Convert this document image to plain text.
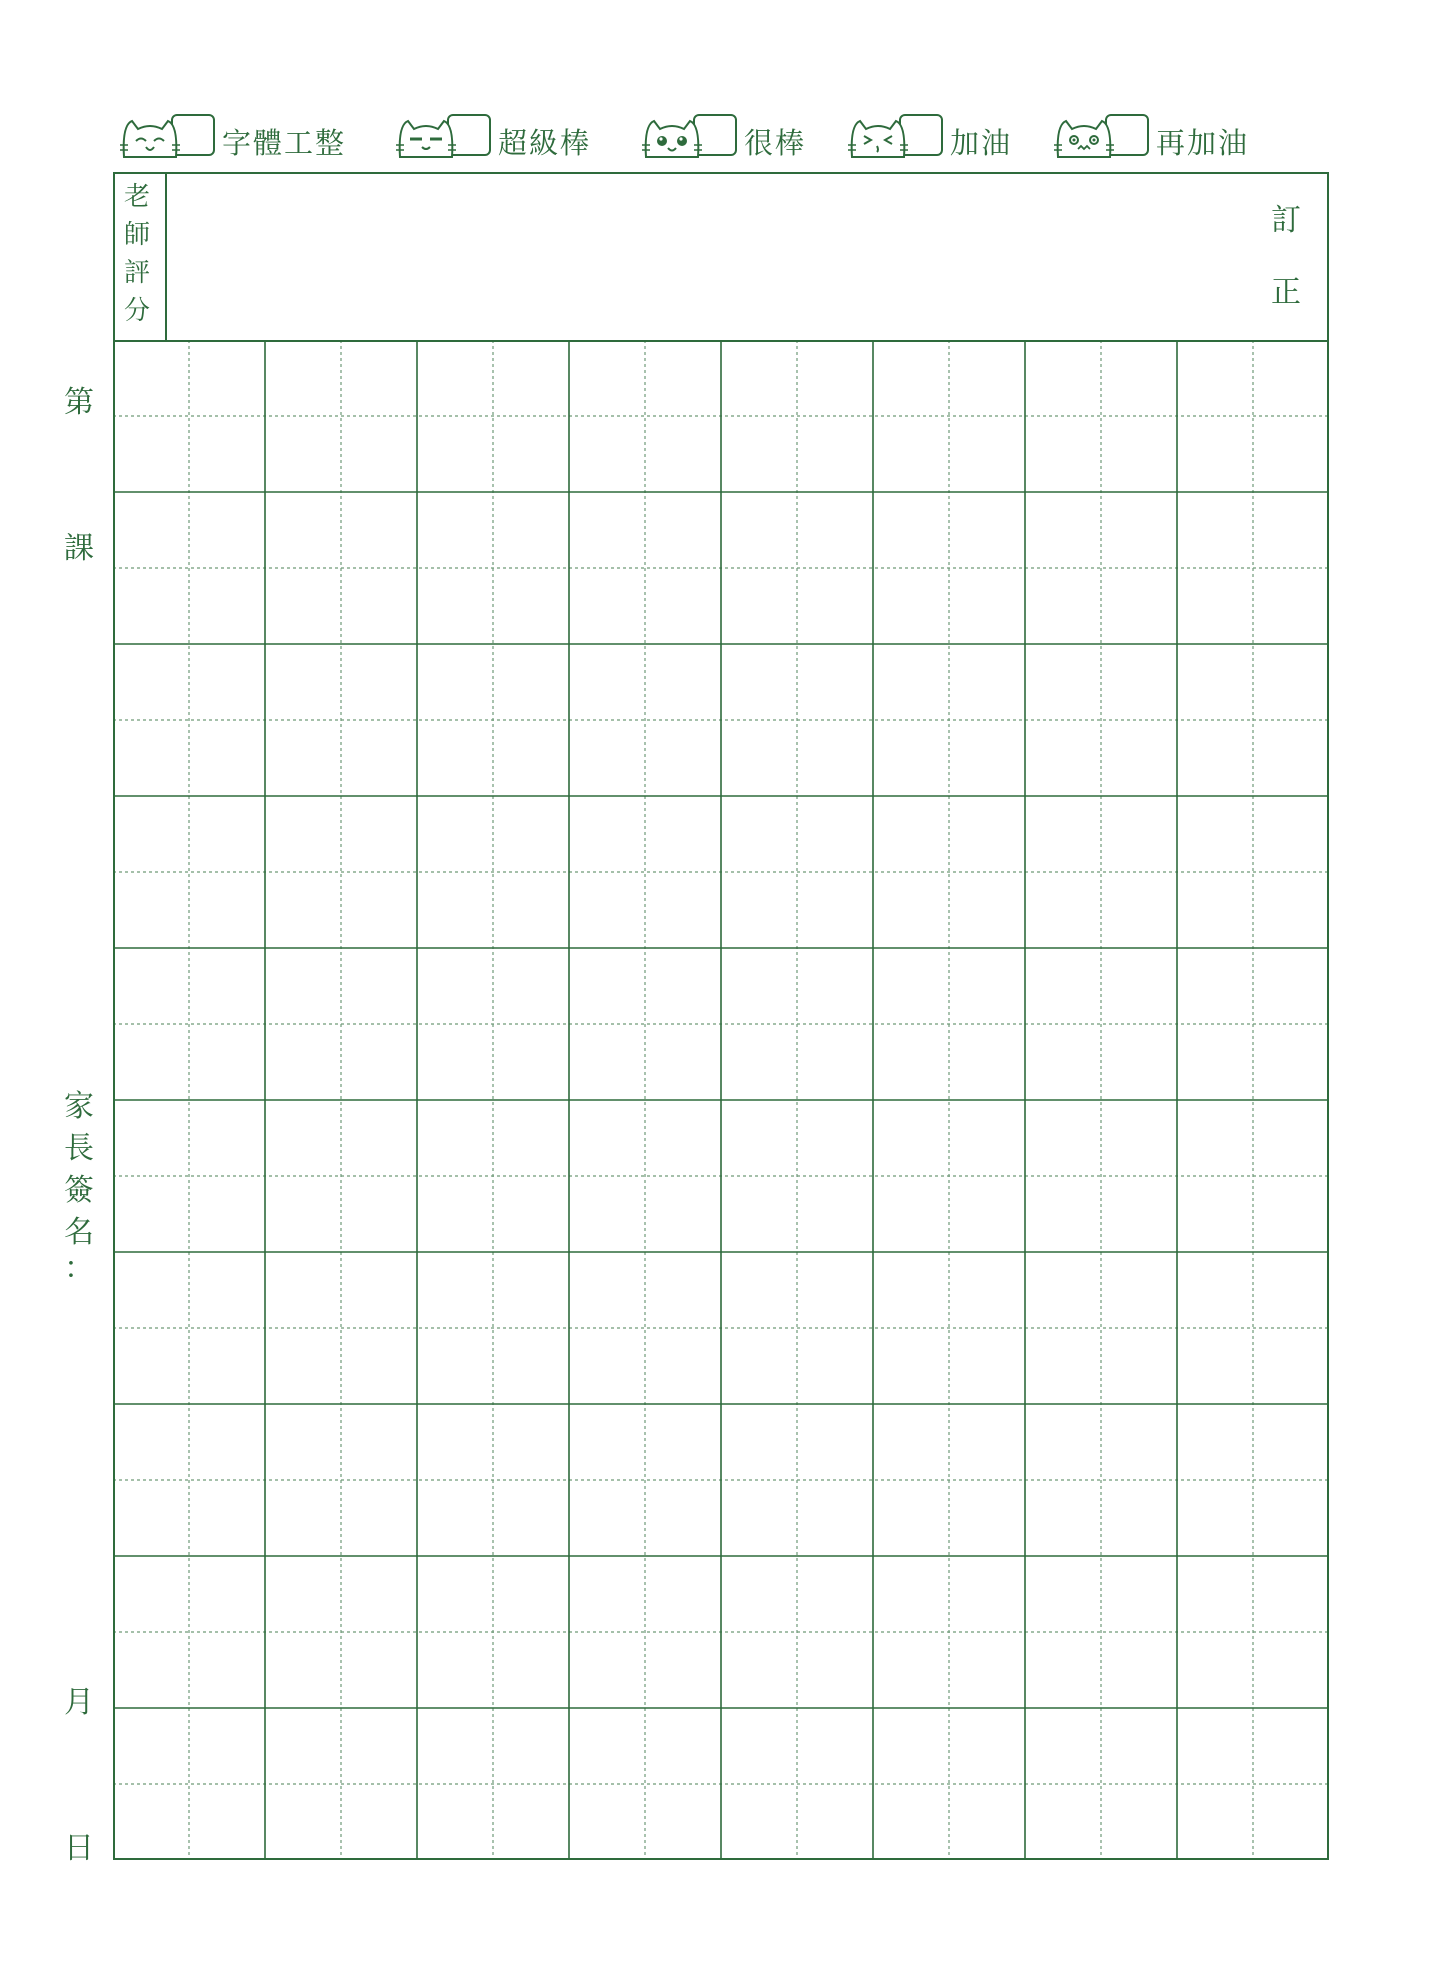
字體工整	超級棒	很棒	加油	再加油
老
師
評
分
訂
正
第
課
家
長
簽
名
：
月
日
